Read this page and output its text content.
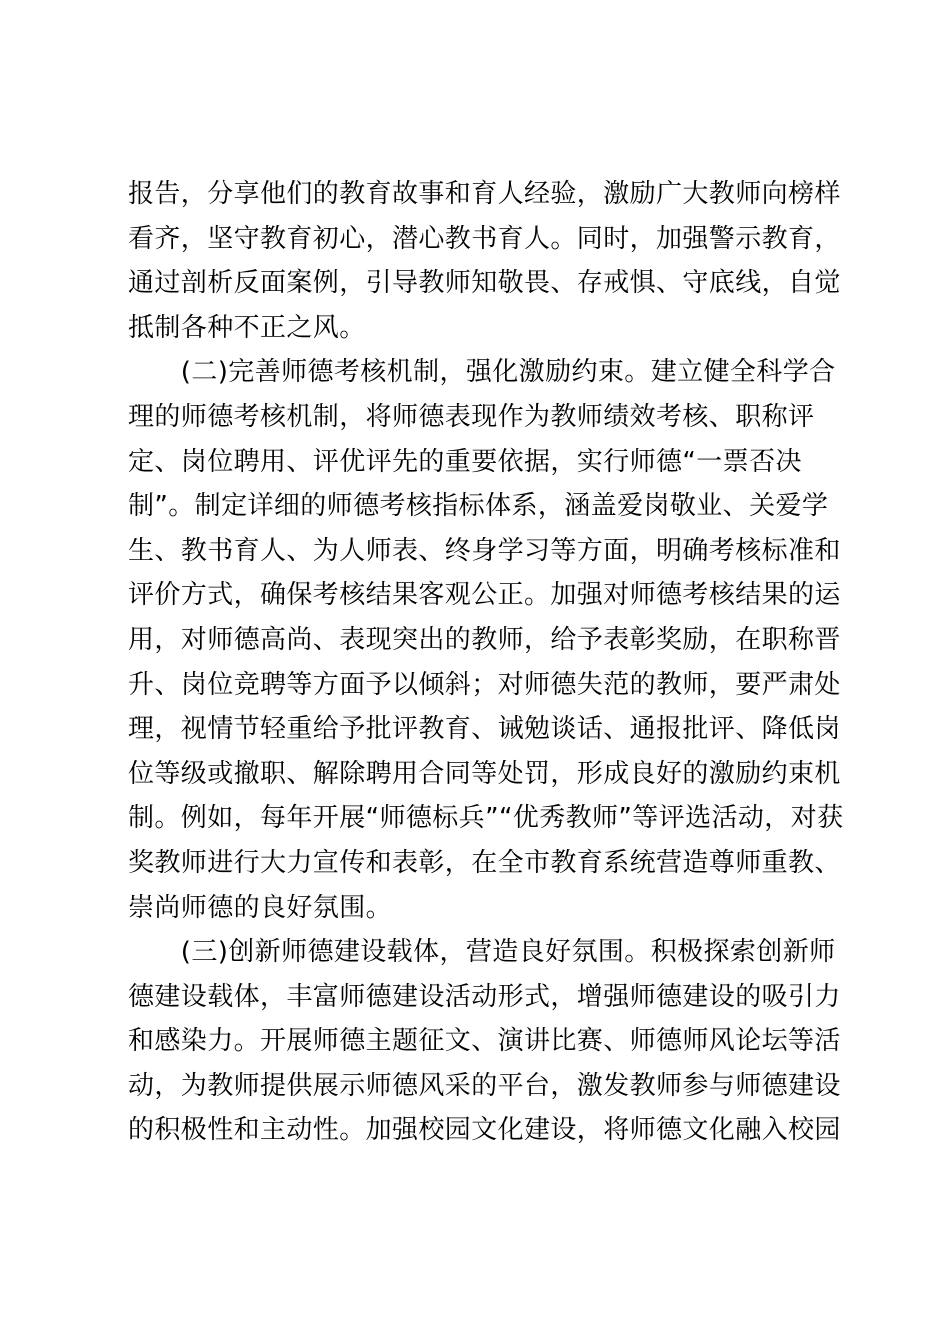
报告，分享他们的教育故事和育人经验，激励广大教师向榜样
看齐，坚守教育初心，潜心教书育人。同时，加强警示教育，
通过剖析反面案例，引导教师知敬畏、存戒惧、守底线，自觉
抵制各种不正之风。
　　(二)完善师德考核机制，强化激励约束。建立健全科学合
理的师德考核机制，将师德表现作为教师绩效考核、职称评
定、岗位聘用、评优评先的重要依据，实行师德“一票否决
制”。制定详细的师德考核指标体系，涵盖爱岗敬业、关爱学
生、教书育人、为人师表、终身学习等方面，明确考核标准和
评价方式，确保考核结果客观公正。加强对师德考核结果的运
用，对师德高尚、表现突出的教师，给予表彰奖励，在职称晋
升、岗位竞聘等方面予以倾斜；对师德失范的教师，要严肃处
理，视情节轻重给予批评教育、诫勉谈话、通报批评、降低岗
位等级或撤职、解除聘用合同等处罚，形成良好的激励约束机
制。例如，每年开展“师德标兵”“优秀教师”等评选活动，对获
奖教师进行大力宣传和表彰，在全市教育系统营造尊师重教、
崇尚师德的良好氛围。
　　(三)创新师德建设载体，营造良好氛围。积极探索创新师
德建设载体，丰富师德建设活动形式，增强师德建设的吸引力
和感染力。开展师德主题征文、演讲比赛、师德师风论坛等活
动，为教师提供展示师德风采的平台，激发教师参与师德建设
的积极性和主动性。加强校园文化建设，将师德文化融入校园
